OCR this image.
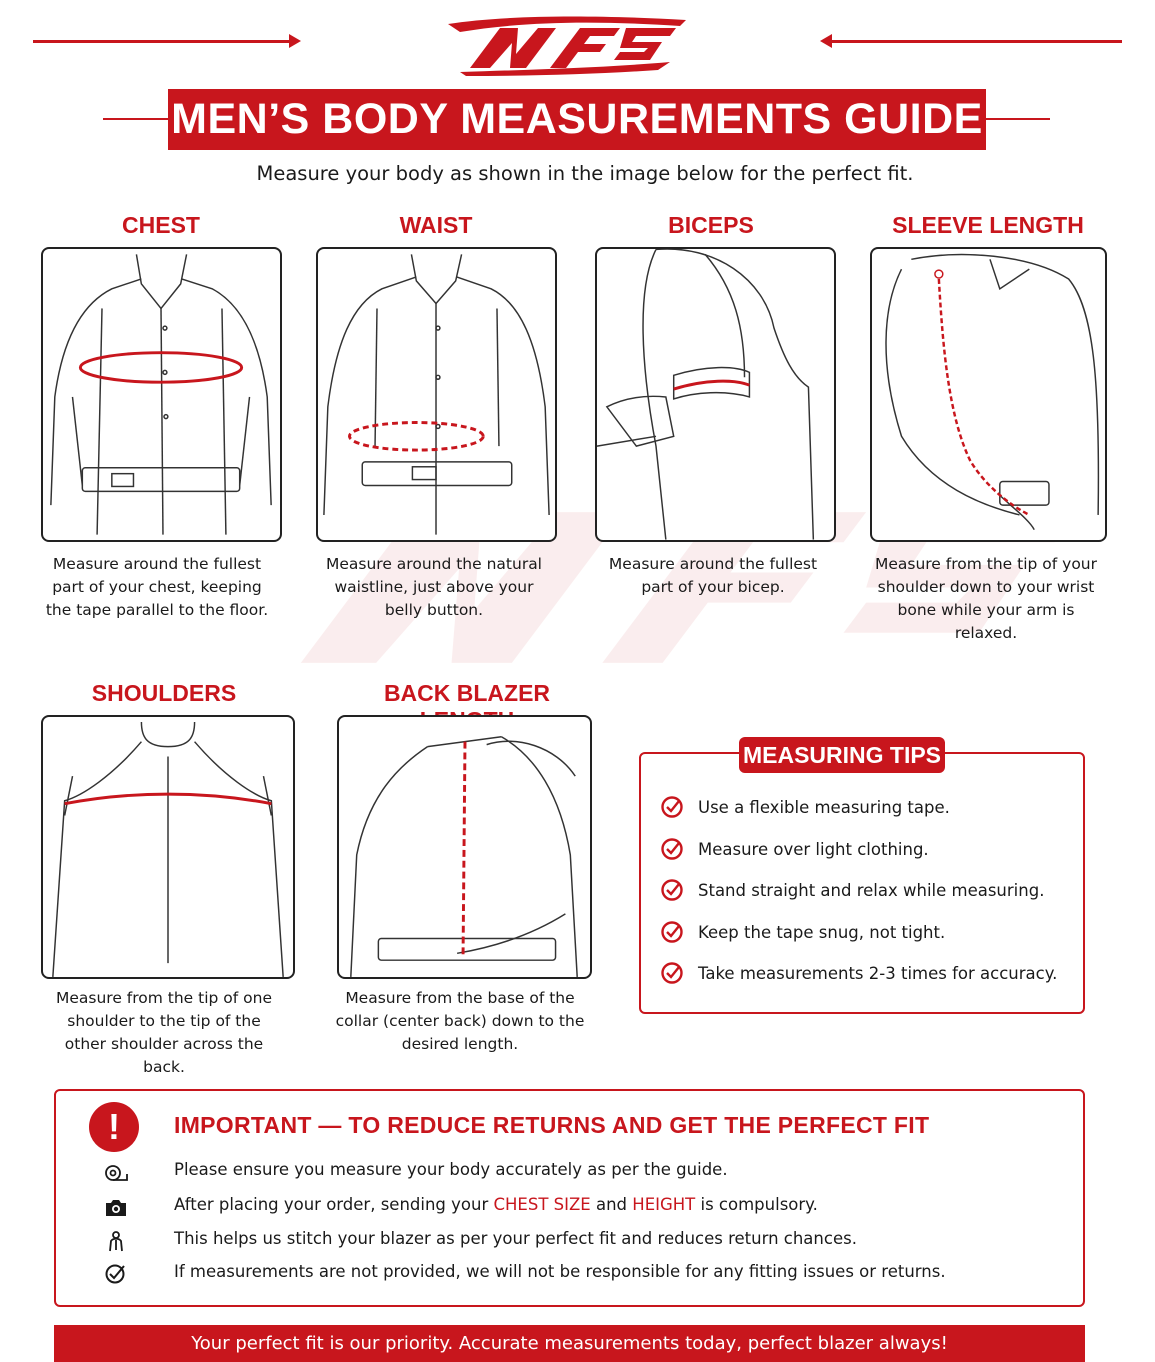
MEN’S BODY MEASUREMENTS GUIDE
Measure your body as shown in the image below for the perfect fit.
CHEST
Measure around the fullest part of your chest, keeping the tape parallel to the floor.
WAIST
Measure around the natural waistline, just above your belly button.
BICEPS
Measure around the fullest part of your bicep.
SLEEVE LENGTH
Measure from the tip of your shoulder down to your wrist bone while your arm is relaxed.
SHOULDERS
Measure from the tip of one shoulder to the tip of the other shoulder across the back.
BACK BLAZER
Measure from the base of the collar (center back) down to the desired length.
MEASURING TIPS
Use a flexible measuring tape.
Measure over light clothing.
Stand straight and relax while measuring.
Keep the tape snug, not tight.
Take measurements 2-3 times for accuracy.
!	IMPORTANT — TO REDUCE RETURNS AND GET THE PERFECT FIT
Please ensure you measure your body accurately as per the guide.
After placing your order, sending your CHEST SIZE and HEIGHT is compulsory.
This helps us stitch your blazer as per your perfect fit and reduces return chances.
If measurements are not provided, we will not be responsible for any fitting issues or returns.
Your perfect fit is our priority. Accurate measurements today, perfect blazer always!
